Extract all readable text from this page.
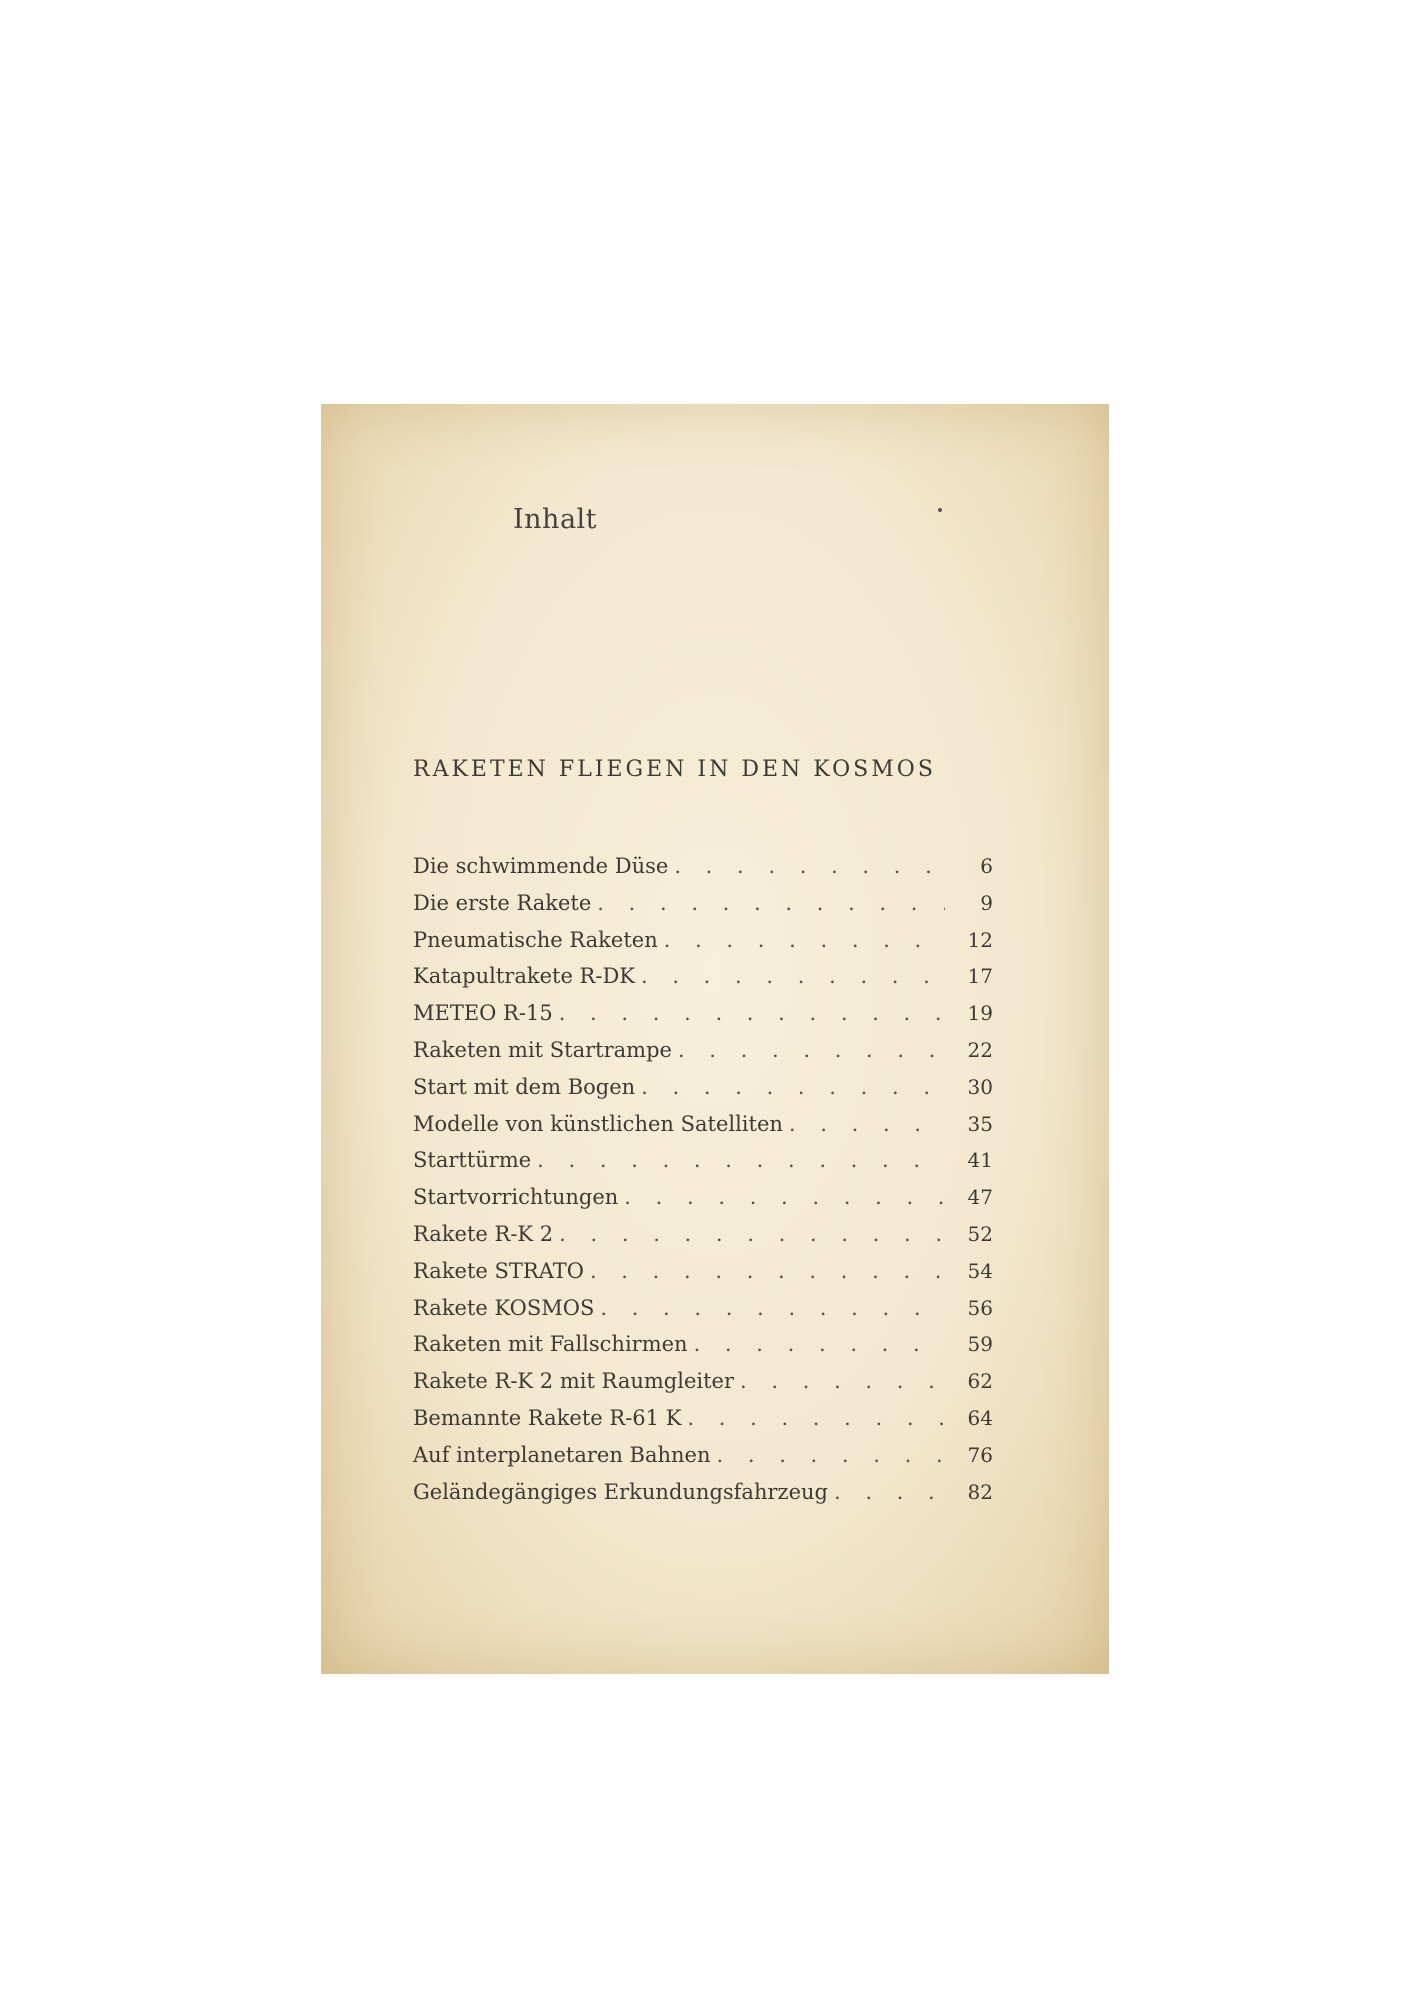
Inhalt
RAKETEN FLIEGEN IN DEN KOSMOS
Die schwimmende Düse . . .	6
Die erste Rakete . . .	9
Pneumatische Raketen . . .	12
Katapultrakete R-DK . . .	17
METEO R-15 . . .	19
Raketen mit Startrampe . . .	22
Start mit dem Bogen . . .	30
Modelle von künstlichen Satelliten . . .	35
Starttürme . . .	41
Startvorrichtungen . . .	47
Rakete R-K 2 . . .	52
Rakete STRATO . . .	54
Rakete KOSMOS . . .	56
Raketen mit Fallschirmen . . .	59
Rakete R-K 2 mit Raumgleiter . . .	62
Bemannte Rakete R-61 K . . .	64
Auf interplanetaren Bahnen . . .	76
Geländegängiges Erkundungsfahrzeug . . .	82
